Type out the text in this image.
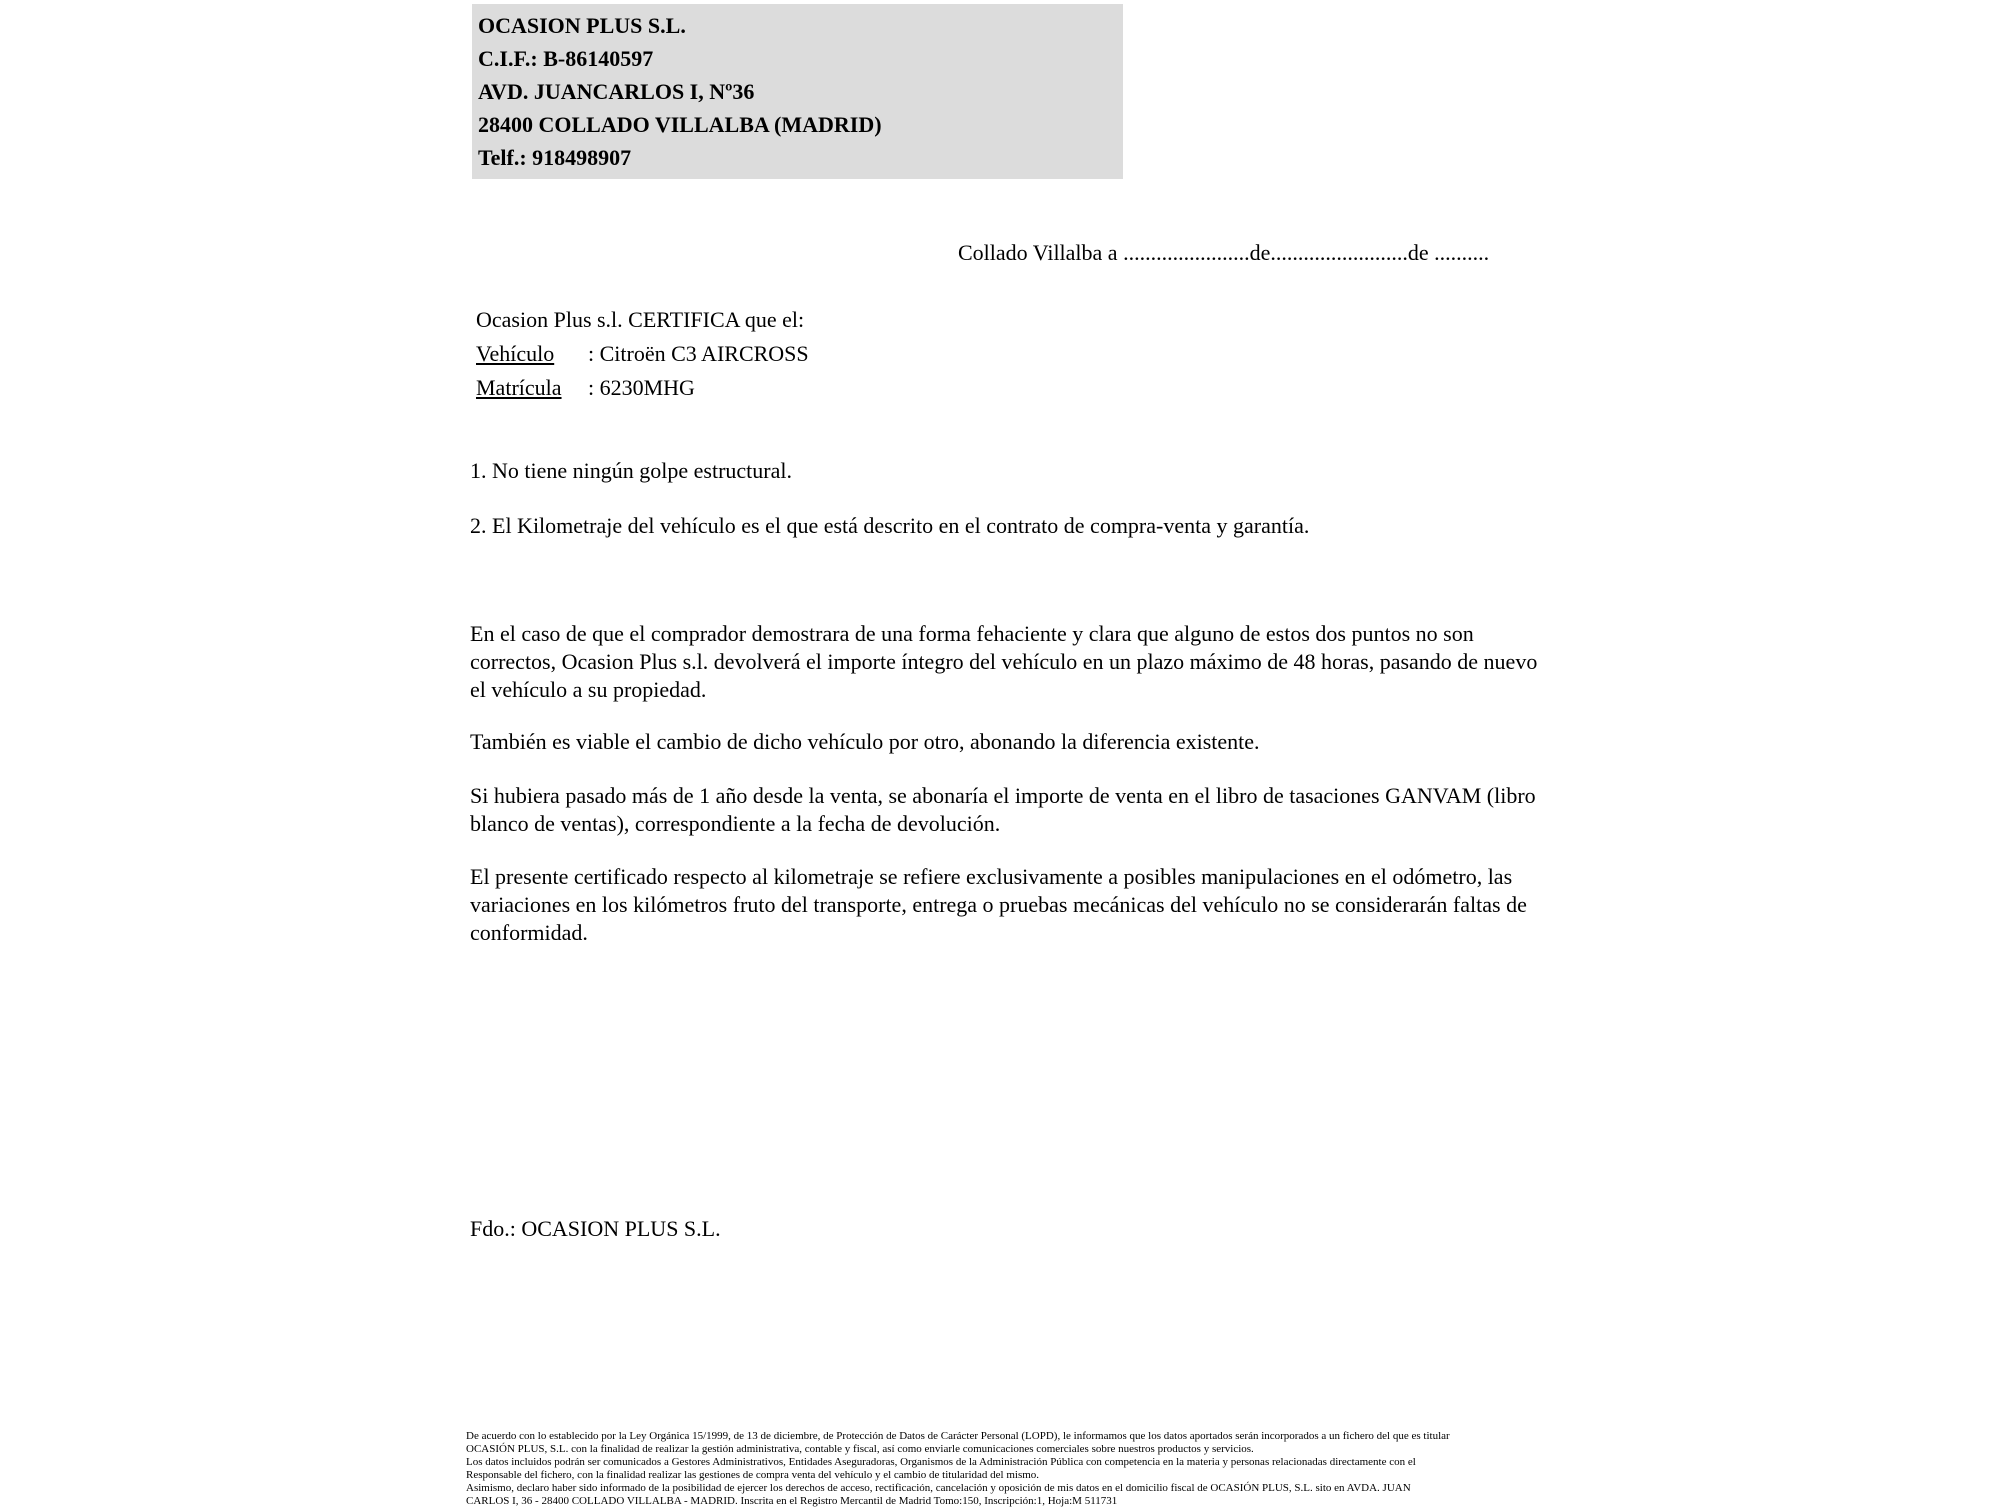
OCASION PLUS S.L.
C.I.F.: B-86140597
AVD. JUANCARLOS I, Nº36
28400 COLLADO VILLALBA (MADRID)
Telf.: 918498907
Collado Villalba a .......................de.........................de ..........
Ocasion Plus s.l. CERTIFICA que el:
Vehículo : Citroën C3 AIRCROSS
Matrícula : 6230MHG
1. No tiene ningún golpe estructural.
2. El Kilometraje del vehículo es el que está descrito en el contrato de compra-venta y garantía.
En el caso de que el comprador demostrara de una forma fehaciente y clara que alguno de estos dos puntos no son correctos, Ocasion Plus s.l. devolverá el importe íntegro del vehículo en un plazo máximo de 48 horas, pasando de nuevo el vehículo a su propiedad.
También es viable el cambio de dicho vehículo por otro, abonando la diferencia existente.
Si hubiera pasado más de 1 año desde la venta, se abonaría el importe de venta en el libro de tasaciones GANVAM (libro blanco de ventas), correspondiente a la fecha de devolución.
El presente certificado respecto al kilometraje se refiere exclusivamente a posibles manipulaciones en el odómetro, las variaciones en los kilómetros fruto del transporte, entrega o pruebas mecánicas del vehículo no se considerarán faltas de conformidad.
Fdo.: OCASION PLUS S.L.
De acuerdo con lo establecido por la Ley Orgánica 15/1999, de 13 de diciembre, de Protección de Datos de Carácter Personal (LOPD), le informamos que los datos aportados serán incorporados a un fichero del que es titular
OCASIÓN PLUS, S.L. con la finalidad de realizar la gestión administrativa, contable y fiscal, así como enviarle comunicaciones comerciales sobre nuestros productos y servicios.
Los datos incluidos podrán ser comunicados a Gestores Administrativos, Entidades Aseguradoras, Organismos de la Administración Pública con competencia en la materia y personas relacionadas directamente con el
Responsable del fichero, con la finalidad realizar las gestiones de compra venta del vehículo y el cambio de titularidad del mismo.
Asimismo, declaro haber sido informado de la posibilidad de ejercer los derechos de acceso, rectificación, cancelación y oposición de mis datos en el domicilio fiscal de OCASIÓN PLUS, S.L. sito en AVDA. JUAN
CARLOS I, 36 - 28400 COLLADO VILLALBA - MADRID. Inscrita en el Registro Mercantil de Madrid Tomo:150, Inscripción:1, Hoja:M 511731
